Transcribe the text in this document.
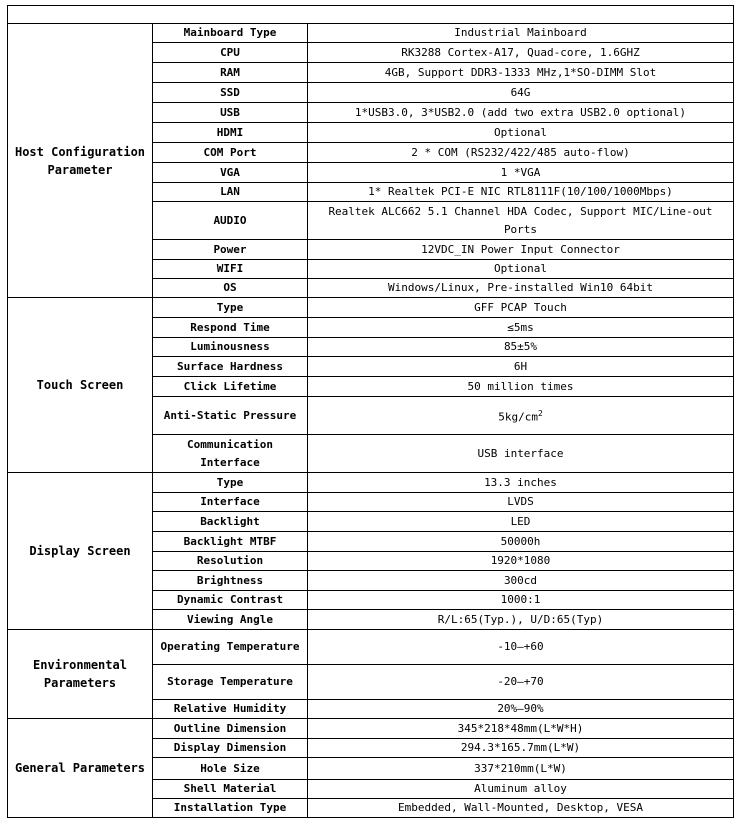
Host Configuration Parameter	Mainboard Type	Industrial Mainboard
	CPU	RK3288 Cortex-A17, Quad-core, 1.6GHZ
	RAM	4GB, Support DDR3-1333 MHz,1*SO-DIMM Slot
	SSD	64G
	USB	1*USB3.0, 3*USB2.0 (add two extra USB2.0 optional)
	HDMI	Optional
	COM Port	2 * COM (RS232/422/485 auto-flow)
	VGA	1 *VGA
	LAN	1* Realtek PCI-E NIC RTL8111F(10/100/1000Mbps)
	AUDIO	Realtek ALC662 5.1 Channel HDA Codec, Support MIC/Line-out Ports
	Power	12VDC_IN Power Input Connector
	WIFI	Optional
	OS	Windows/Linux, Pre-installed Win10 64bit
Touch Screen	Type	GFF PCAP Touch
	Respond Time	≤5ms
	Luminousness	85±5%
	Surface Hardness	6H
	Click Lifetime	50 million times
	Anti-Static Pressure	$5kg/cm^2$
	Communication Interface	USB interface
Display Screen	Type	13.3 inches
	Interface	LVDS
	Backlight	LED
	Backlight MTBF	50000h
	Resolution	1920*1080
	Brightness	300cd
	Dynamic Contrast	1000:1
	Viewing Angle	R/L:65(Typ.), U/D:65(Typ)
Environmental Parameters	Operating Temperature	-10—+60
	Storage Temperature	-20—+70
	Relative Humidity	20%—90%
General Parameters	Outline Dimension	345*218*48mm(L*W*H)
	Display Dimension	294.3*165.7mm(L*W)
	Hole Size	337*210mm(L*W)
	Shell Material	Aluminum alloy
	Installation Type	Embedded, Wall-Mounted, Desktop, VESA
